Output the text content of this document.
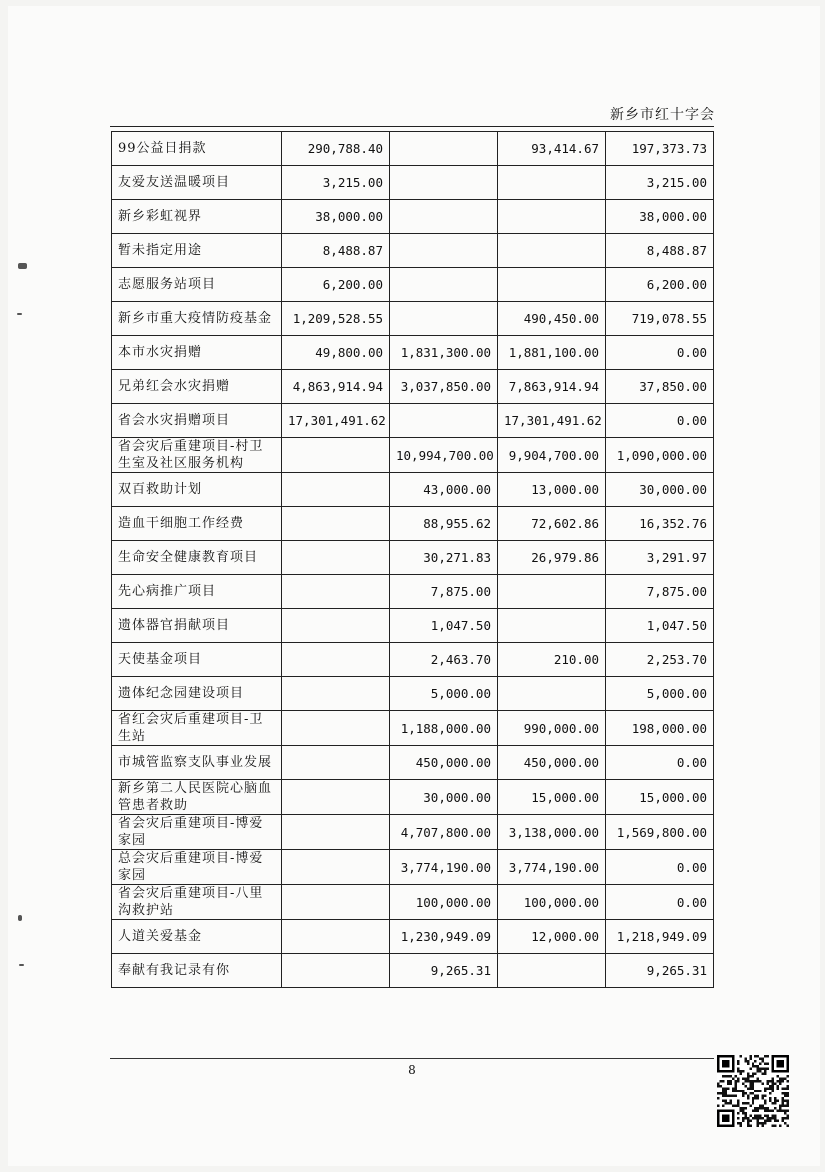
新乡市红十字会
99公益日捐款	290,788.40		93,414.67	197,373.73
友爱友送温暖项目	3,215.00			3,215.00
新乡彩虹视界	38,000.00			38,000.00
暂未指定用途	8,488.87			8,488.87
志愿服务站项目	6,200.00			6,200.00
新乡市重大疫情防疫基金	1,209,528.55		490,450.00	719,078.55
本市水灾捐赠	49,800.00	1,831,300.00	1,881,100.00	0.00
兄弟红会水灾捐赠	4,863,914.94	3,037,850.00	7,863,914.94	37,850.00
省会水灾捐赠项目	17,301,491.62		17,301,491.62	0.00
省会灾后重建项目-村卫生室及社区服务机构		10,994,700.00	9,904,700.00	1,090,000.00
双百救助计划		43,000.00	13,000.00	30,000.00
造血干细胞工作经费		88,955.62	72,602.86	16,352.76
生命安全健康教育项目		30,271.83	26,979.86	3,291.97
先心病推广项目		7,875.00		7,875.00
遗体器官捐献项目		1,047.50		1,047.50
天使基金项目		2,463.70	210.00	2,253.70
遗体纪念园建设项目		5,000.00		5,000.00
省红会灾后重建项目-卫生站		1,188,000.00	990,000.00	198,000.00
市城管监察支队事业发展		450,000.00	450,000.00	0.00
新乡第二人民医院心脑血管患者救助		30,000.00	15,000.00	15,000.00
省会灾后重建项目-博爱家园		4,707,800.00	3,138,000.00	1,569,800.00
总会灾后重建项目-博爱家园		3,774,190.00	3,774,190.00	0.00
省会灾后重建项目-八里沟救护站		100,000.00	100,000.00	0.00
人道关爱基金		1,230,949.09	12,000.00	1,218,949.09
奉献有我记录有你		9,265.31		9,265.31
8
